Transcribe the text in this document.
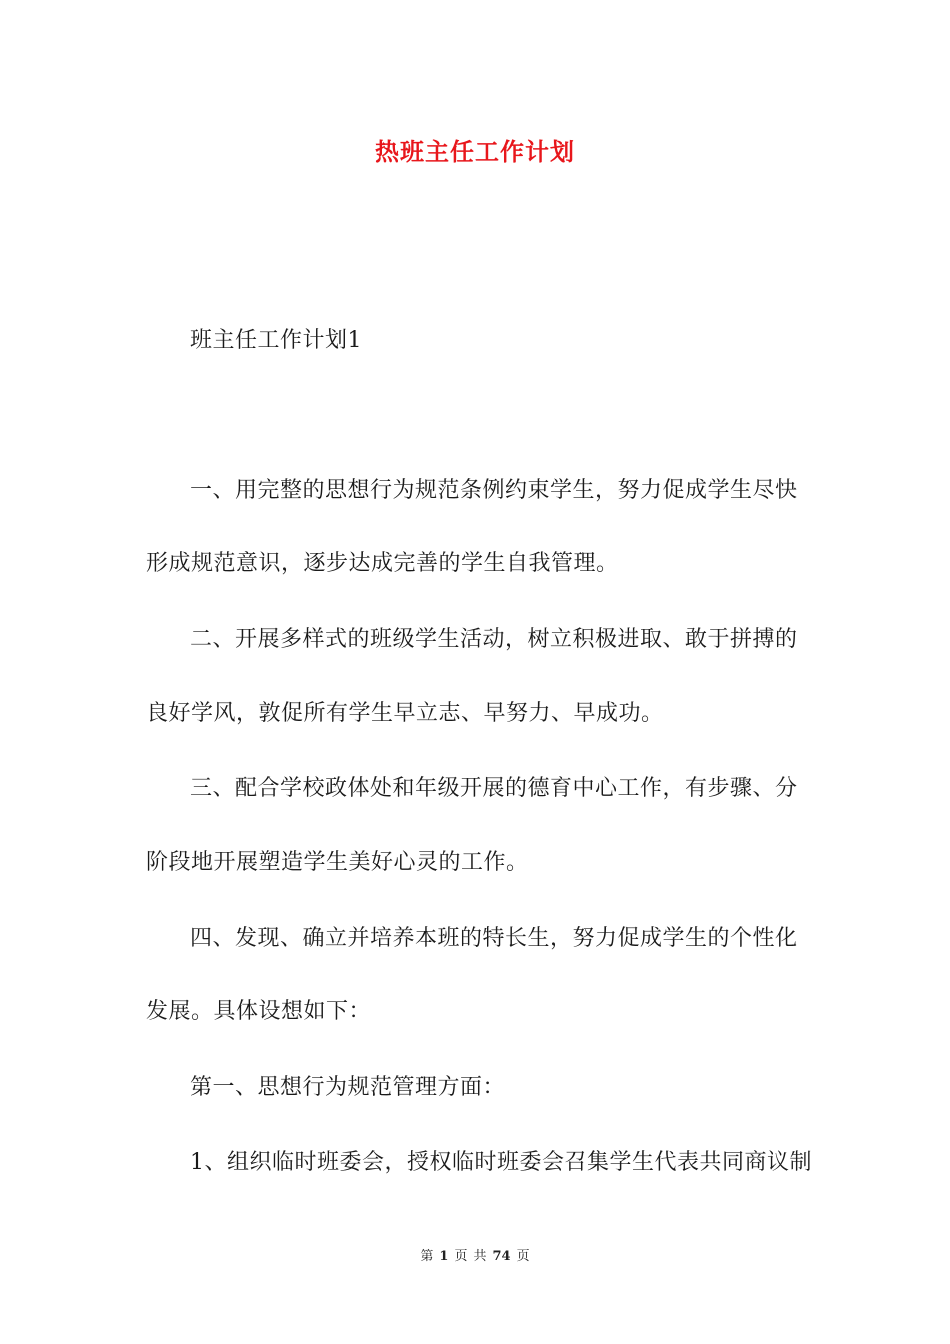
热班主任工作计划
班主任工作计划1
一、用完整的思想行为规范条例约束学生，努力促成学生尽快
形成规范意识，逐步达成完善的学生自我管理。
二、开展多样式的班级学生活动，树立积极进取、敢于拼搏的
良好学风，敦促所有学生早立志、早努力、早成功。
三、配合学校政体处和年级开展的德育中心工作，有步骤、分
阶段地开展塑造学生美好心灵的工作。
四、发现、确立并培养本班的特长生，努力促成学生的个性化
发展。具体设想如下：
第一、思想行为规范管理方面：
1、组织临时班委会，授权临时班委会召集学生代表共同商议制
第 1 页 共 74 页
